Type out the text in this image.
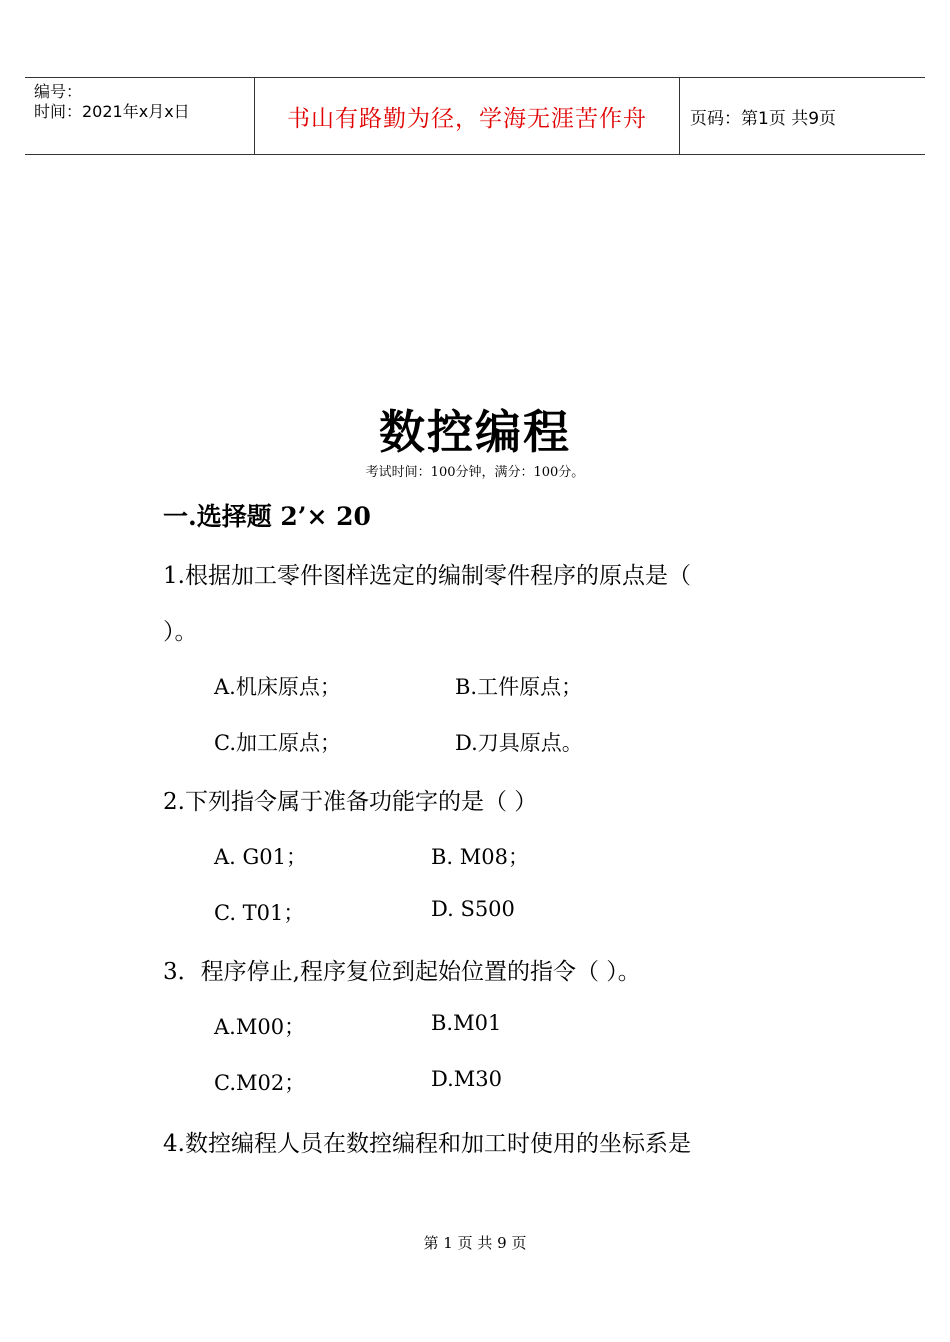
编号：
时间：2021年x月x日	书山有路勤为径，学海无涯苦作舟	页码：第1页 共9页
数控编程
考试时间：100分钟，满分：100分。
一.选择题 2’× 20
1.根据加工零件图样选定的编制零件程序的原点是（
）。
A.机床原点；	B.工件原点；
C.加工原点；	D.刀具原点。
2.下列指令属于准备功能字的是（ ）
A. G01；	B. M08；
C. T01；	D. S500
3．程序停止,程序复位到起始位置的指令（ ）。
A.M00；	B.M01
C.M02；	D.M30
4.数控编程人员在数控编程和加工时使用的坐标系是
第 1 页 共 9 页
